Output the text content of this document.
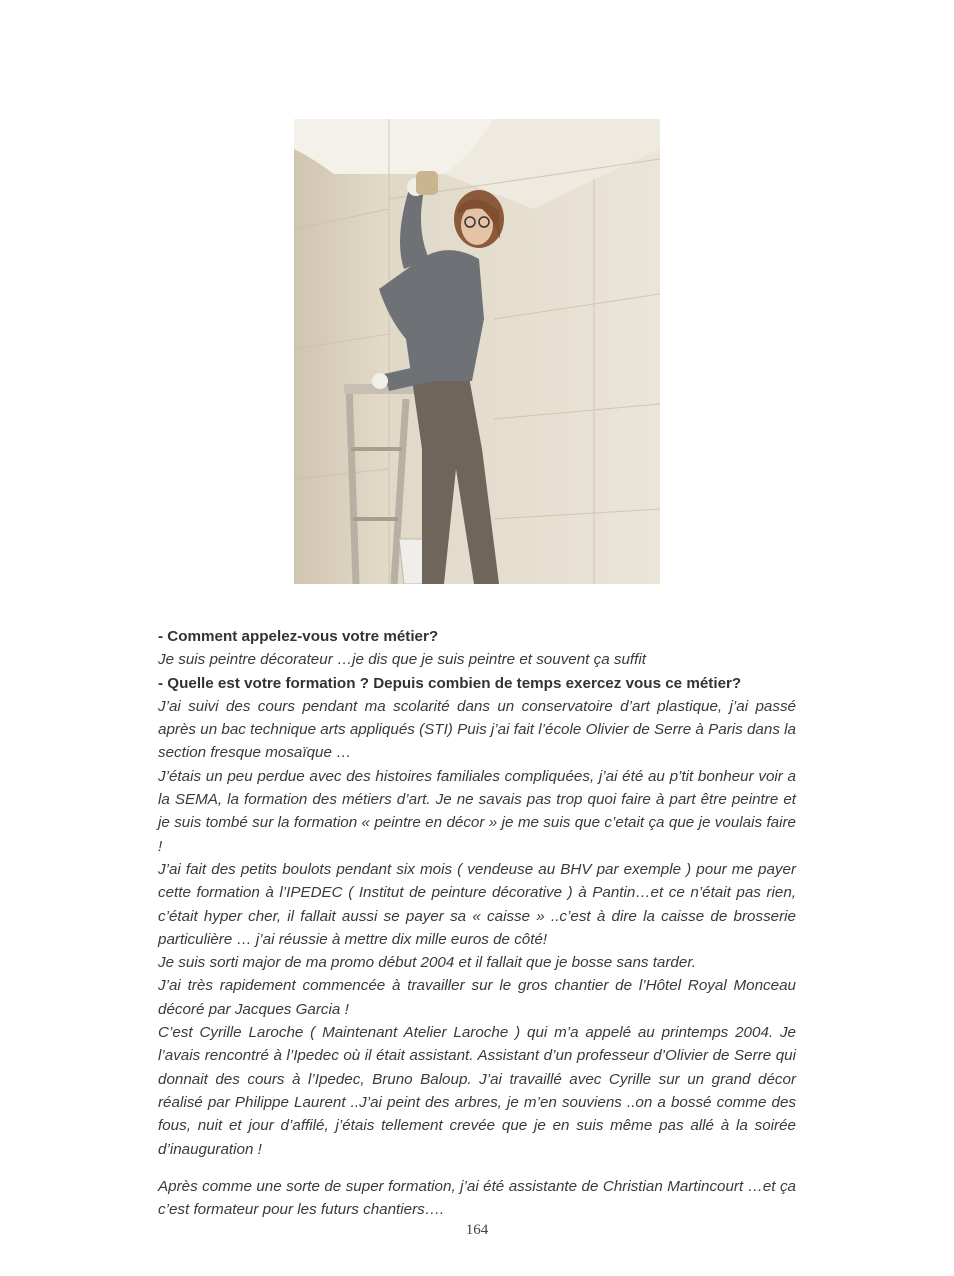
- Comment appelez-vous votre métier?

Je suis peintre décorateur …je dis que je suis peintre et souvent ça suffit

- Quelle est votre formation ? Depuis combien de temps exercez vous ce métier?

J’ai suivi des cours pendant ma scolarité dans un conservatoire d’art plastique, j’ai passé après un bac technique arts appliqués (STI) Puis j’ai fait l’école Olivier de Serre à Paris dans la section fresque mosaïque …

J’étais un peu perdue avec des histoires familiales compliquées, j’ai été au p’tit bonheur voir a la SEMA, la formation des métiers d’art. Je ne savais pas trop quoi faire à part être peintre et je suis tombé sur la formation « peintre en décor » je me suis que c’etait ça que je voulais faire !

J’ai fait des petits boulots pendant six mois ( vendeuse au BHV par exemple ) pour me payer cette formation à l’IPEDEC ( Institut de peinture décorative ) à Pantin…et ce n’était pas rien, c’était hyper cher, il fallait aussi se payer sa « caisse » ..c’est à dire la caisse de brosserie particulière … j’ai réussie à mettre dix mille euros de côté!

Je suis sorti major de ma promo début 2004 et il fallait que je bosse sans tarder.

J’ai très rapidement commencée à travailler sur le gros chantier de l’Hôtel Royal Monceau décoré par Jacques Garcia !

C’est Cyrille Laroche ( Maintenant Atelier Laroche ) qui m’a appelé au printemps 2004. Je l’avais rencontré à l’Ipedec où il était assistant. Assistant d’un professeur d’Olivier de Serre qui donnait des cours à l’Ipedec, Bruno Baloup. J’ai travaillé avec Cyrille sur un grand décor réalisé par Philippe Laurent ..J’ai peint des arbres, je m’en souviens ..on a bossé comme des fous, nuit et jour d’affilé, j’étais tellement crevée que je en suis même pas allé à la soirée d’inauguration !

Après comme une sorte de super formation, j’ai été assistante de Christian Martincourt …et ça c’est formateur pour les futurs chantiers….

164
